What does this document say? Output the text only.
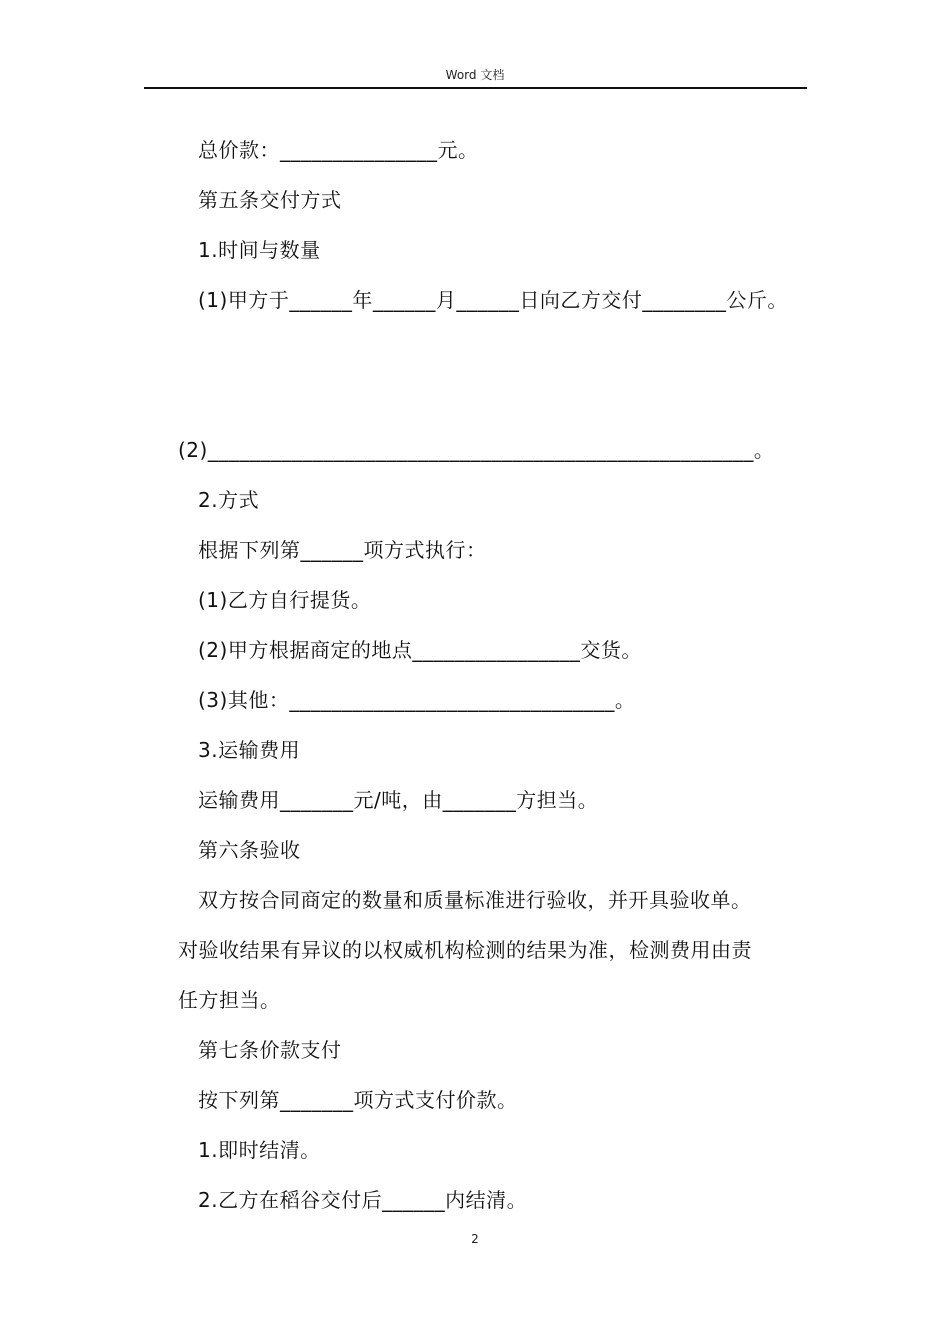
Word 文档
总价款：_______________元。
第五条交付方式
1.时间与数量
(1)甲方于______年______月______日向乙方交付________公斤。
(2)____________________________________________________。
2.方式
根据下列第______项方式执行：
(1)乙方自行提货。
(2)甲方根据商定的地点________________交货。
(3)其他：_______________________________。
3.运输费用
运输费用_______元/吨，由_______方担当。
第六条验收
双方按合同商定的数量和质量标准进行验收，并开具验收单。
对验收结果有异议的以权威机构检测的结果为准，检测费用由责
任方担当。
第七条价款支付
按下列第_______项方式支付价款。
1.即时结清。
2.乙方在稻谷交付后______内结清。
2
